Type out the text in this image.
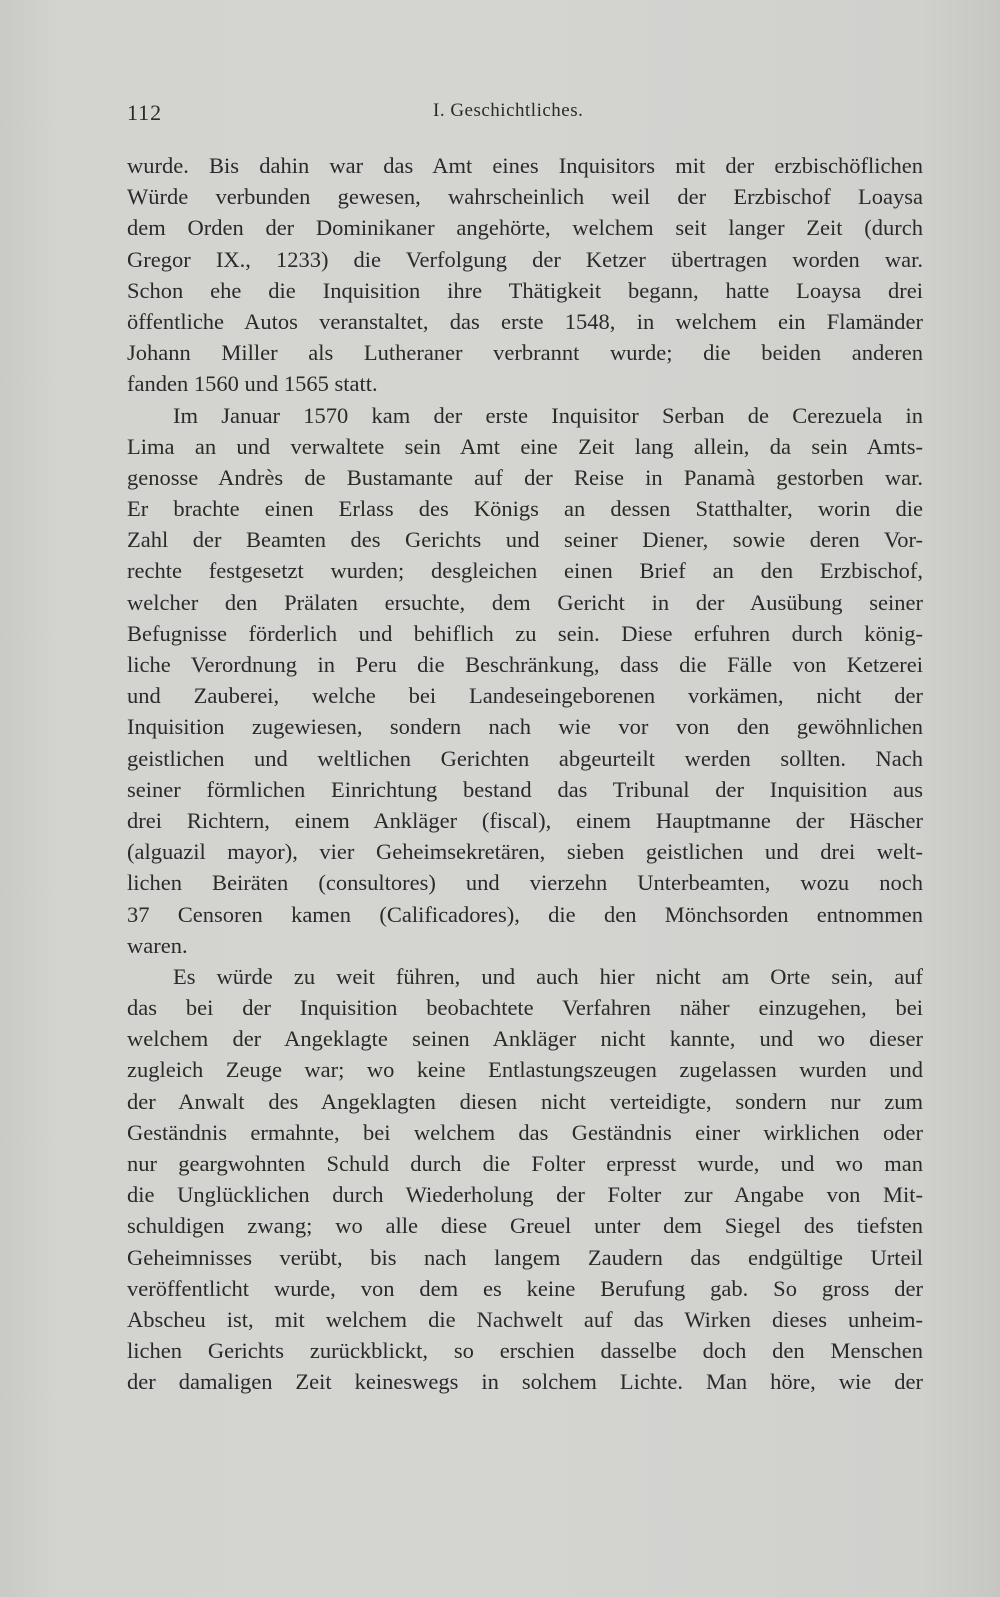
112	I. Geschichtliches.
wurde. Bis dahin war das Amt eines Inquisitors mit der erzbischöflichen
Würde verbunden gewesen, wahrscheinlich weil der Erzbischof Loaysa
dem Orden der Dominikaner angehörte, welchem seit langer Zeit (durch
Gregor IX., 1233) die Verfolgung der Ketzer übertragen worden war.
Schon ehe die Inquisition ihre Thätigkeit begann, hatte Loaysa drei
öffentliche Autos veranstaltet, das erste 1548, in welchem ein Flamänder
Johann Miller als Lutheraner verbrannt wurde; die beiden anderen
fanden 1560 und 1565 statt.
Im Januar 1570 kam der erste Inquisitor Serban de Cerezuela in
Lima an und verwaltete sein Amt eine Zeit lang allein, da sein Amts-
genosse Andrès de Bustamante auf der Reise in Panamà gestorben war.
Er brachte einen Erlass des Königs an dessen Statthalter, worin die
Zahl der Beamten des Gerichts und seiner Diener, sowie deren Vor-
rechte festgesetzt wurden; desgleichen einen Brief an den Erzbischof,
welcher den Prälaten ersuchte, dem Gericht in der Ausübung seiner
Befugnisse förderlich und behiflich zu sein. Diese erfuhren durch könig-
liche Verordnung in Peru die Beschränkung, dass die Fälle von Ketzerei
und Zauberei, welche bei Landeseingeborenen vorkämen, nicht der
Inquisition zugewiesen, sondern nach wie vor von den gewöhnlichen
geistlichen und weltlichen Gerichten abgeurteilt werden sollten. Nach
seiner förmlichen Einrichtung bestand das Tribunal der Inquisition aus
drei Richtern, einem Ankläger (fiscal), einem Hauptmanne der Häscher
(alguazil mayor), vier Geheimsekretären, sieben geistlichen und drei welt-
lichen Beiräten (consultores) und vierzehn Unterbeamten, wozu noch
37 Censoren kamen (Calificadores), die den Mönchsorden entnommen
waren.
Es würde zu weit führen, und auch hier nicht am Orte sein, auf
das bei der Inquisition beobachtete Verfahren näher einzugehen, bei
welchem der Angeklagte seinen Ankläger nicht kannte, und wo dieser
zugleich Zeuge war; wo keine Entlastungszeugen zugelassen wurden und
der Anwalt des Angeklagten diesen nicht verteidigte, sondern nur zum
Geständnis ermahnte, bei welchem das Geständnis einer wirklichen oder
nur geargwohnten Schuld durch die Folter erpresst wurde, und wo man
die Unglücklichen durch Wiederholung der Folter zur Angabe von Mit-
schuldigen zwang; wo alle diese Greuel unter dem Siegel des tiefsten
Geheimnisses verübt, bis nach langem Zaudern das endgültige Urteil
veröffentlicht wurde, von dem es keine Berufung gab. So gross der
Abscheu ist, mit welchem die Nachwelt auf das Wirken dieses unheim-
lichen Gerichts zurückblickt, so erschien dasselbe doch den Menschen
der damaligen Zeit keineswegs in solchem Lichte. Man höre, wie der
